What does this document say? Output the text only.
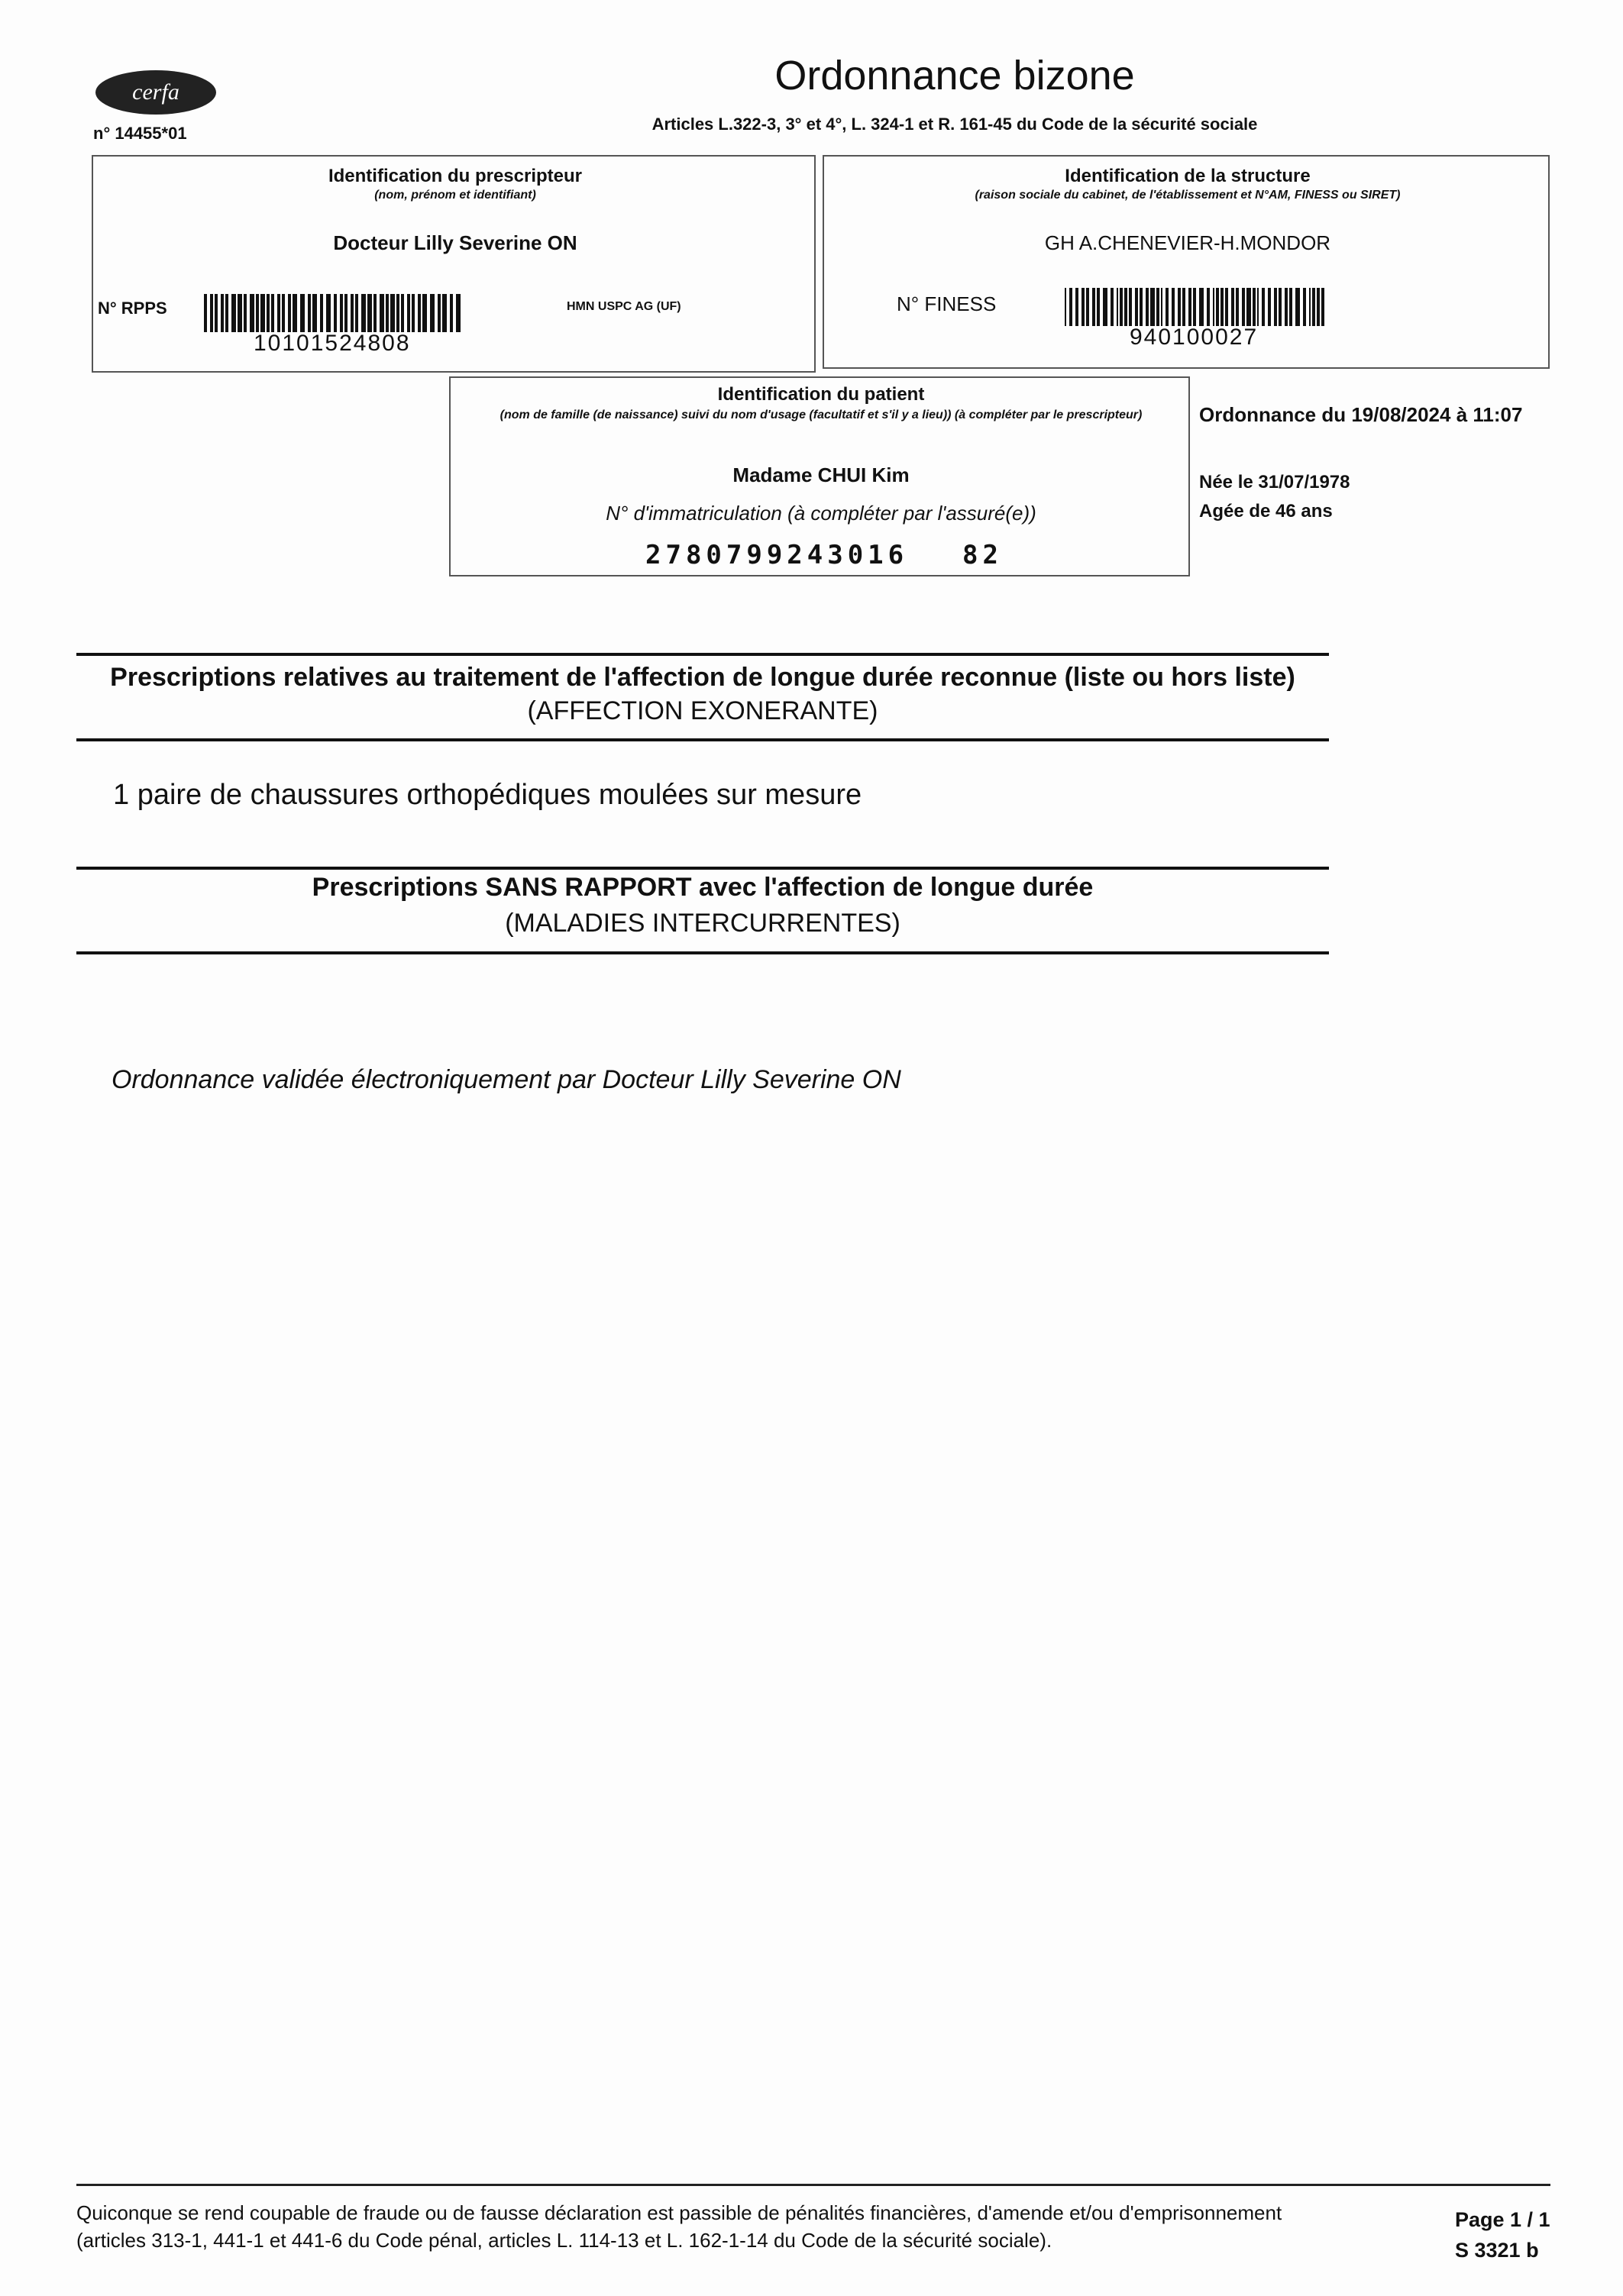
cerfa
n° 14455*01
Ordonnance bizone
Articles L.322-3, 3° et 4°, L. 324-1 et R. 161-45 du Code de la sécurité sociale
Identification du prescripteur
(nom, prénom et identifiant)
Docteur Lilly Severine ON
N° RPPS
10101524808
HMN USPC AG (UF)
Identification de la structure
(raison sociale du cabinet, de l'établissement et N°AM, FINESS ou SIRET)
GH A.CHENEVIER-H.MONDOR
N° FINESS
940100027
Identification du patient
(nom de famille (de naissance) suivi du nom d'usage (facultatif et s'il y a lieu)) (à compléter par le prescripteur)
Madame CHUI Kim
N° d'immatriculation (à compléter par l'assuré(e))
2780799243016 82
Ordonnance du 19/08/2024 à 11:07
Née le 31/07/1978
Agée de 46 ans
Prescriptions relatives au traitement de l'affection de longue durée reconnue (liste ou hors liste)
(AFFECTION EXONERANTE)
1 paire de chaussures orthopédiques moulées sur mesure
Prescriptions SANS RAPPORT avec l'affection de longue durée
(MALADIES INTERCURRENTES)
Ordonnance validée électroniquement par Docteur Lilly Severine ON
Quiconque se rend coupable de fraude ou de fausse déclaration est passible de pénalités financières, d'amende et/ou d'emprisonnement
(articles 313-1, 441-1 et 441-6 du Code pénal, articles L. 114-13 et L. 162-1-14 du Code de la sécurité sociale).
Page 1 / 1
S 3321 b
